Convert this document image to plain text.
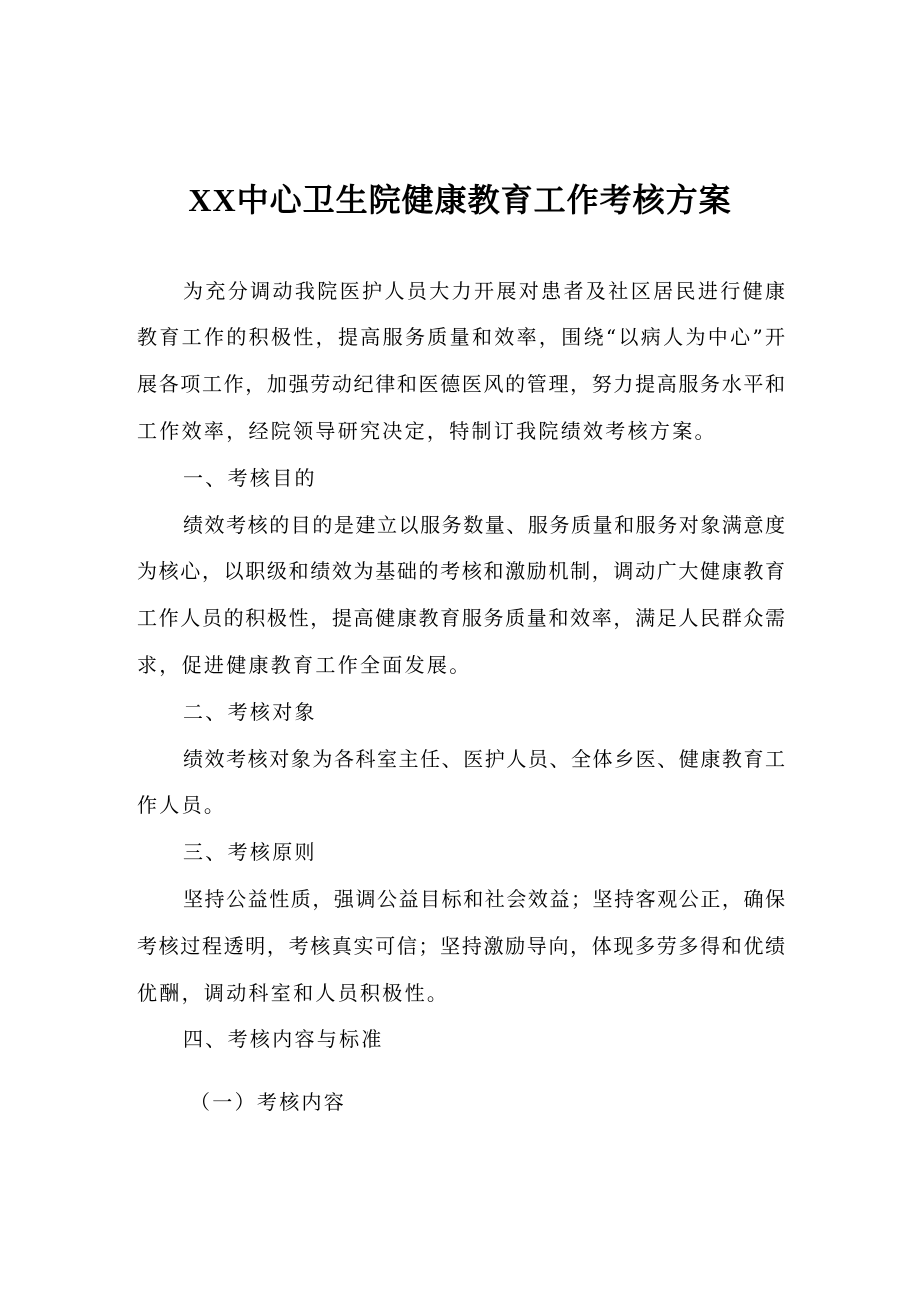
XX中心卫生院健康教育工作考核方案
为充分调动我院医护人员大力开展对患者及社区居民进行健康
教育工作的积极性，提高服务质量和效率，围绕“以病人为中心”开
展各项工作，加强劳动纪律和医德医风的管理，努力提高服务水平和
工作效率，经院领导研究决定，特制订我院绩效考核方案。
一、考核目的
绩效考核的目的是建立以服务数量、服务质量和服务对象满意度
为核心，以职级和绩效为基础的考核和激励机制，调动广大健康教育
工作人员的积极性，提高健康教育服务质量和效率，满足人民群众需
求，促进健康教育工作全面发展。
二、考核对象
绩效考核对象为各科室主任、医护人员、全体乡医、健康教育工
作人员。
三、考核原则
坚持公益性质，强调公益目标和社会效益；坚持客观公正，确保
考核过程透明，考核真实可信；坚持激励导向，体现多劳多得和优绩
优酬，调动科室和人员积极性。
四、考核内容与标准
（一）考核内容
